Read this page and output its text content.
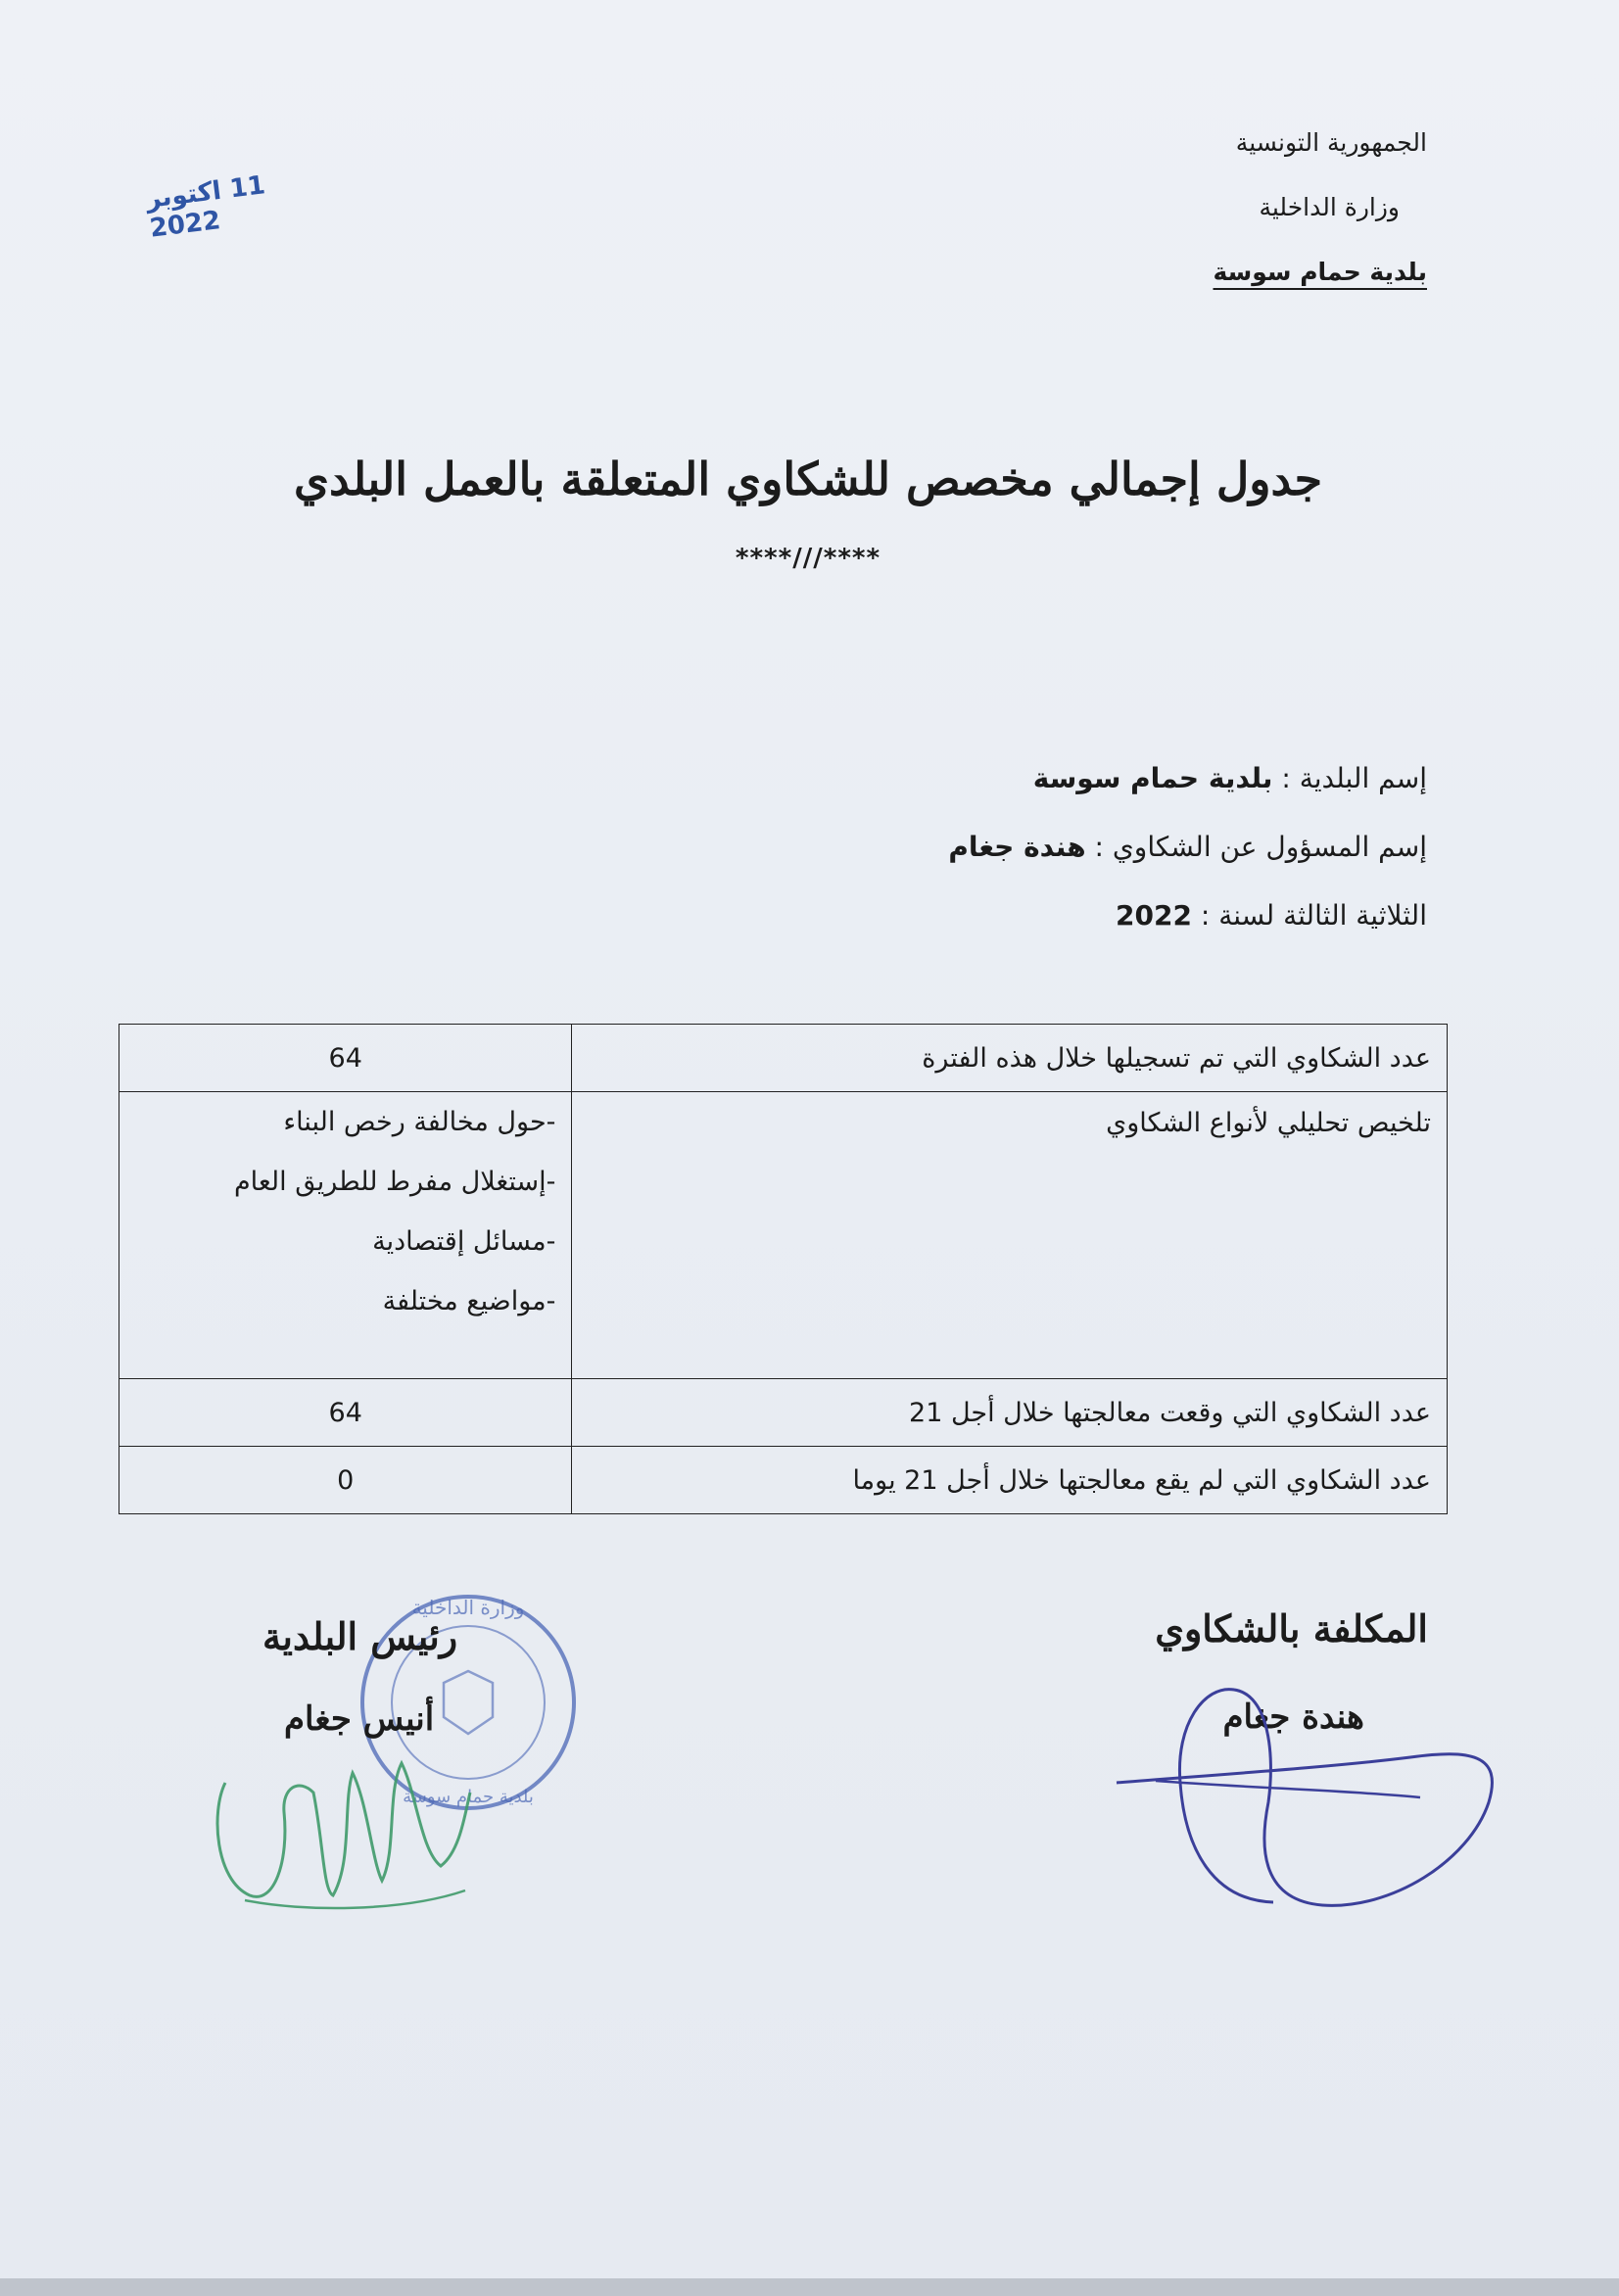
الجمهورية التونسية
وزارة الداخلية
بلدية حمام سوسة
11 اكتوبر 2022
جدول إجمالي مخصص للشكاوي المتعلقة بالعمل البلدي
****///****
إسم البلدية : بلدية حمام سوسة
إسم المسؤول عن الشكاوي : هندة جغام
الثلاثية الثالثة لسنة : 2022
عدد الشكاوي التي تم تسجيلها خلال هذه الفترة	64
تلخيص تحليلي لأنواع الشكاوي	-حول مخالفة رخص البناء
-إستغلال مفرط للطريق العام
-مسائل إقتصادية
-مواضيع مختلفة

عدد الشكاوي التي وقعت معالجتها خلال أجل 21	64
عدد الشكاوي التي لم يقع معالجتها خلال أجل 21 يوما	0
المكلفة بالشكاوي
هندة جغام
وزارة الداخلية
بلدية حمام سوسة
رئيس البلدية
أنيس جغام
